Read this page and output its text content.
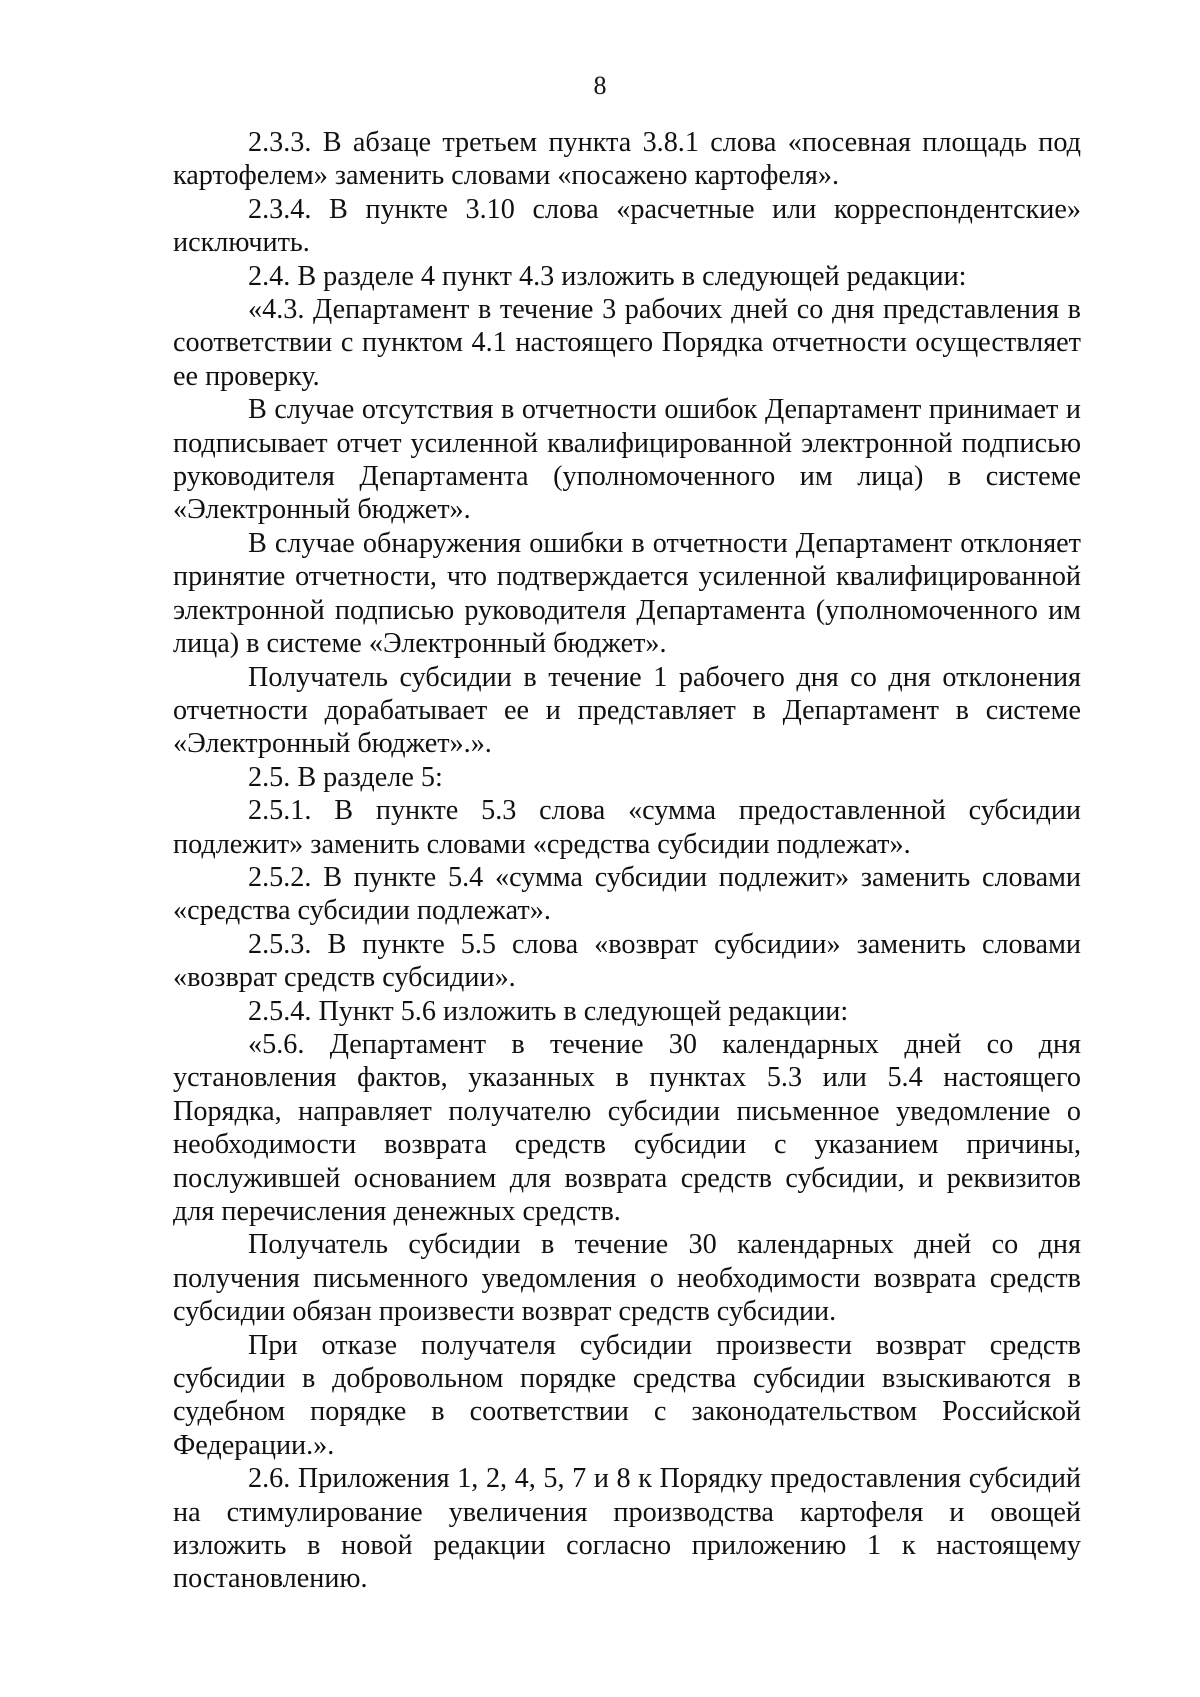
8

2.3.3. В абзаце третьем пункта 3.8.1 слова «посевная площадь под картофелем» заменить словами «посажено картофеля».

2.3.4. В пункте 3.10 слова «расчетные или корреспондентские» исключить.

2.4. В разделе 4 пункт 4.3 изложить в следующей редакции:

«4.3. Департамент в течение 3 рабочих дней со дня представления в соответствии с пунктом 4.1 настоящего Порядка отчетности осуществляет ее проверку.

В случае отсутствия в отчетности ошибок Департамент принимает и подписывает отчет усиленной квалифицированной электронной подписью руководителя Департамента (уполномоченного им лица) в системе «Электронный бюджет».

В случае обнаружения ошибки в отчетности Департамент отклоняет принятие отчетности, что подтверждается усиленной квалифицированной электронной подписью руководителя Департамента (уполномоченного им лица) в системе «Электронный бюджет».

Получатель субсидии в течение 1 рабочего дня со дня отклонения отчетности дорабатывает ее и представляет в Департамент в системе «Электронный бюджет».».

2.5. В разделе 5:

2.5.1. В пункте 5.3 слова «сумма предоставленной субсидии подлежит» заменить словами «средства субсидии подлежат».

2.5.2. В пункте 5.4 «сумма субсидии подлежит» заменить словами «средства субсидии подлежат».

2.5.3. В пункте 5.5 слова «возврат субсидии» заменить словами «возврат средств субсидии».

2.5.4. Пункт 5.6 изложить в следующей редакции:

«5.6. Департамент в течение 30 календарных дней со дня установления фактов, указанных в пунктах 5.3 или 5.4 настоящего Порядка, направляет получателю субсидии письменное уведомление о необходимости возврата средств субсидии с указанием причины, послужившей основанием для возврата средств субсидии, и реквизитов для перечисления денежных средств.

Получатель субсидии в течение 30 календарных дней со дня получения письменного уведомления о необходимости возврата средств субсидии обязан произвести возврат средств субсидии.

При отказе получателя субсидии произвести возврат средств субсидии в добровольном порядке средства субсидии взыскиваются в судебном порядке в соответствии с законодательством Российской Федерации.».

2.6. Приложения 1, 2, 4, 5, 7 и 8 к Порядку предоставления субсидий на стимулирование увеличения производства картофеля и овощей изложить в новой редакции согласно приложению 1 к настоящему постановлению.
